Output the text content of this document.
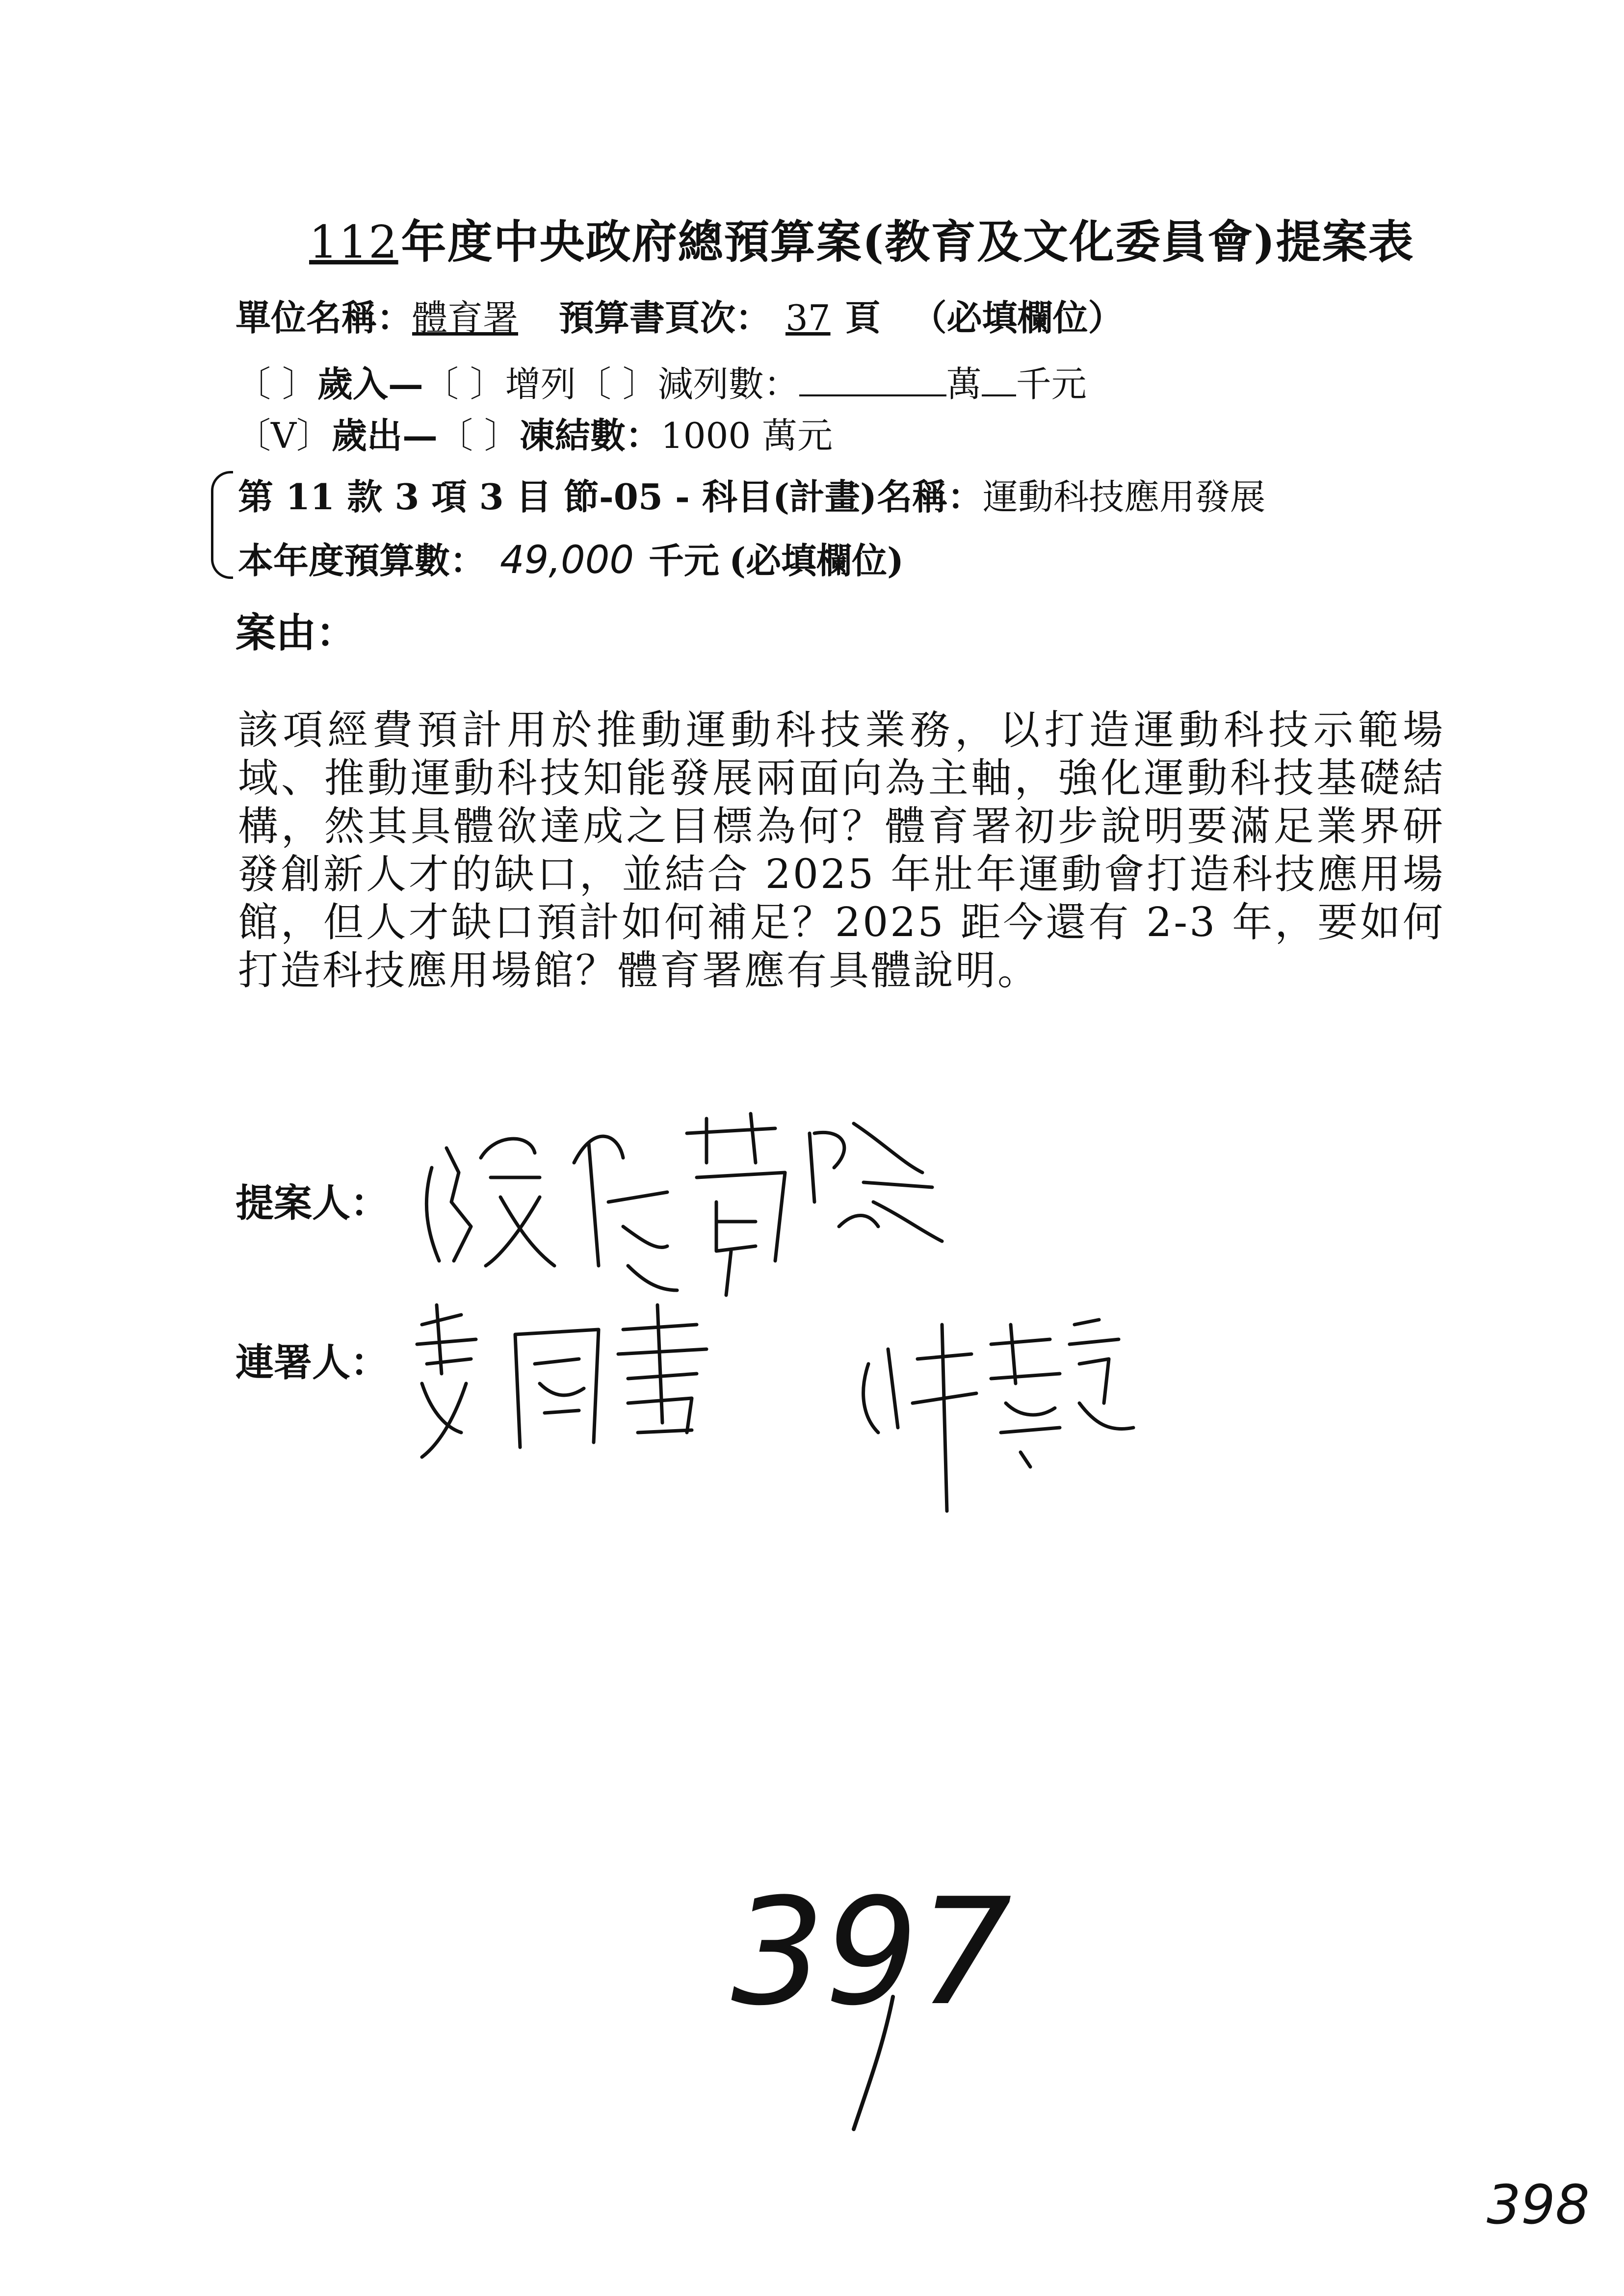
112年度中央政府總預算案(教育及文化委員會)提案表
單位名稱：體育署 預算書頁次： 37 頁 （必填欄位）
〔 〕歲入—〔 〕增列〔 〕減列數：	萬 千元
〔V〕歲出—〔 〕凍結數：1000 萬元
第 11 款 3 項 3 目 節-05 - 科目(計畫)名稱：運動科技應用發展
本年度預算數： 49,000 千元 (必填欄位)
案由：
該項經費預計用於推動運動科技業務，以打造運動科技示範場域、推動運動科技知能發展兩面向為主軸，強化運動科技基礎結構，然其具體欲達成之目標為何？體育署初步說明要滿足業界研發創新人才的缺口，並結合 2025 年壯年運動會打造科技應用場館，但人才缺口預計如何補足？2025 距今還有 2-3 年，要如何打造科技應用場館？體育署應有具體說明。
提案人：
連署人：
397
398
